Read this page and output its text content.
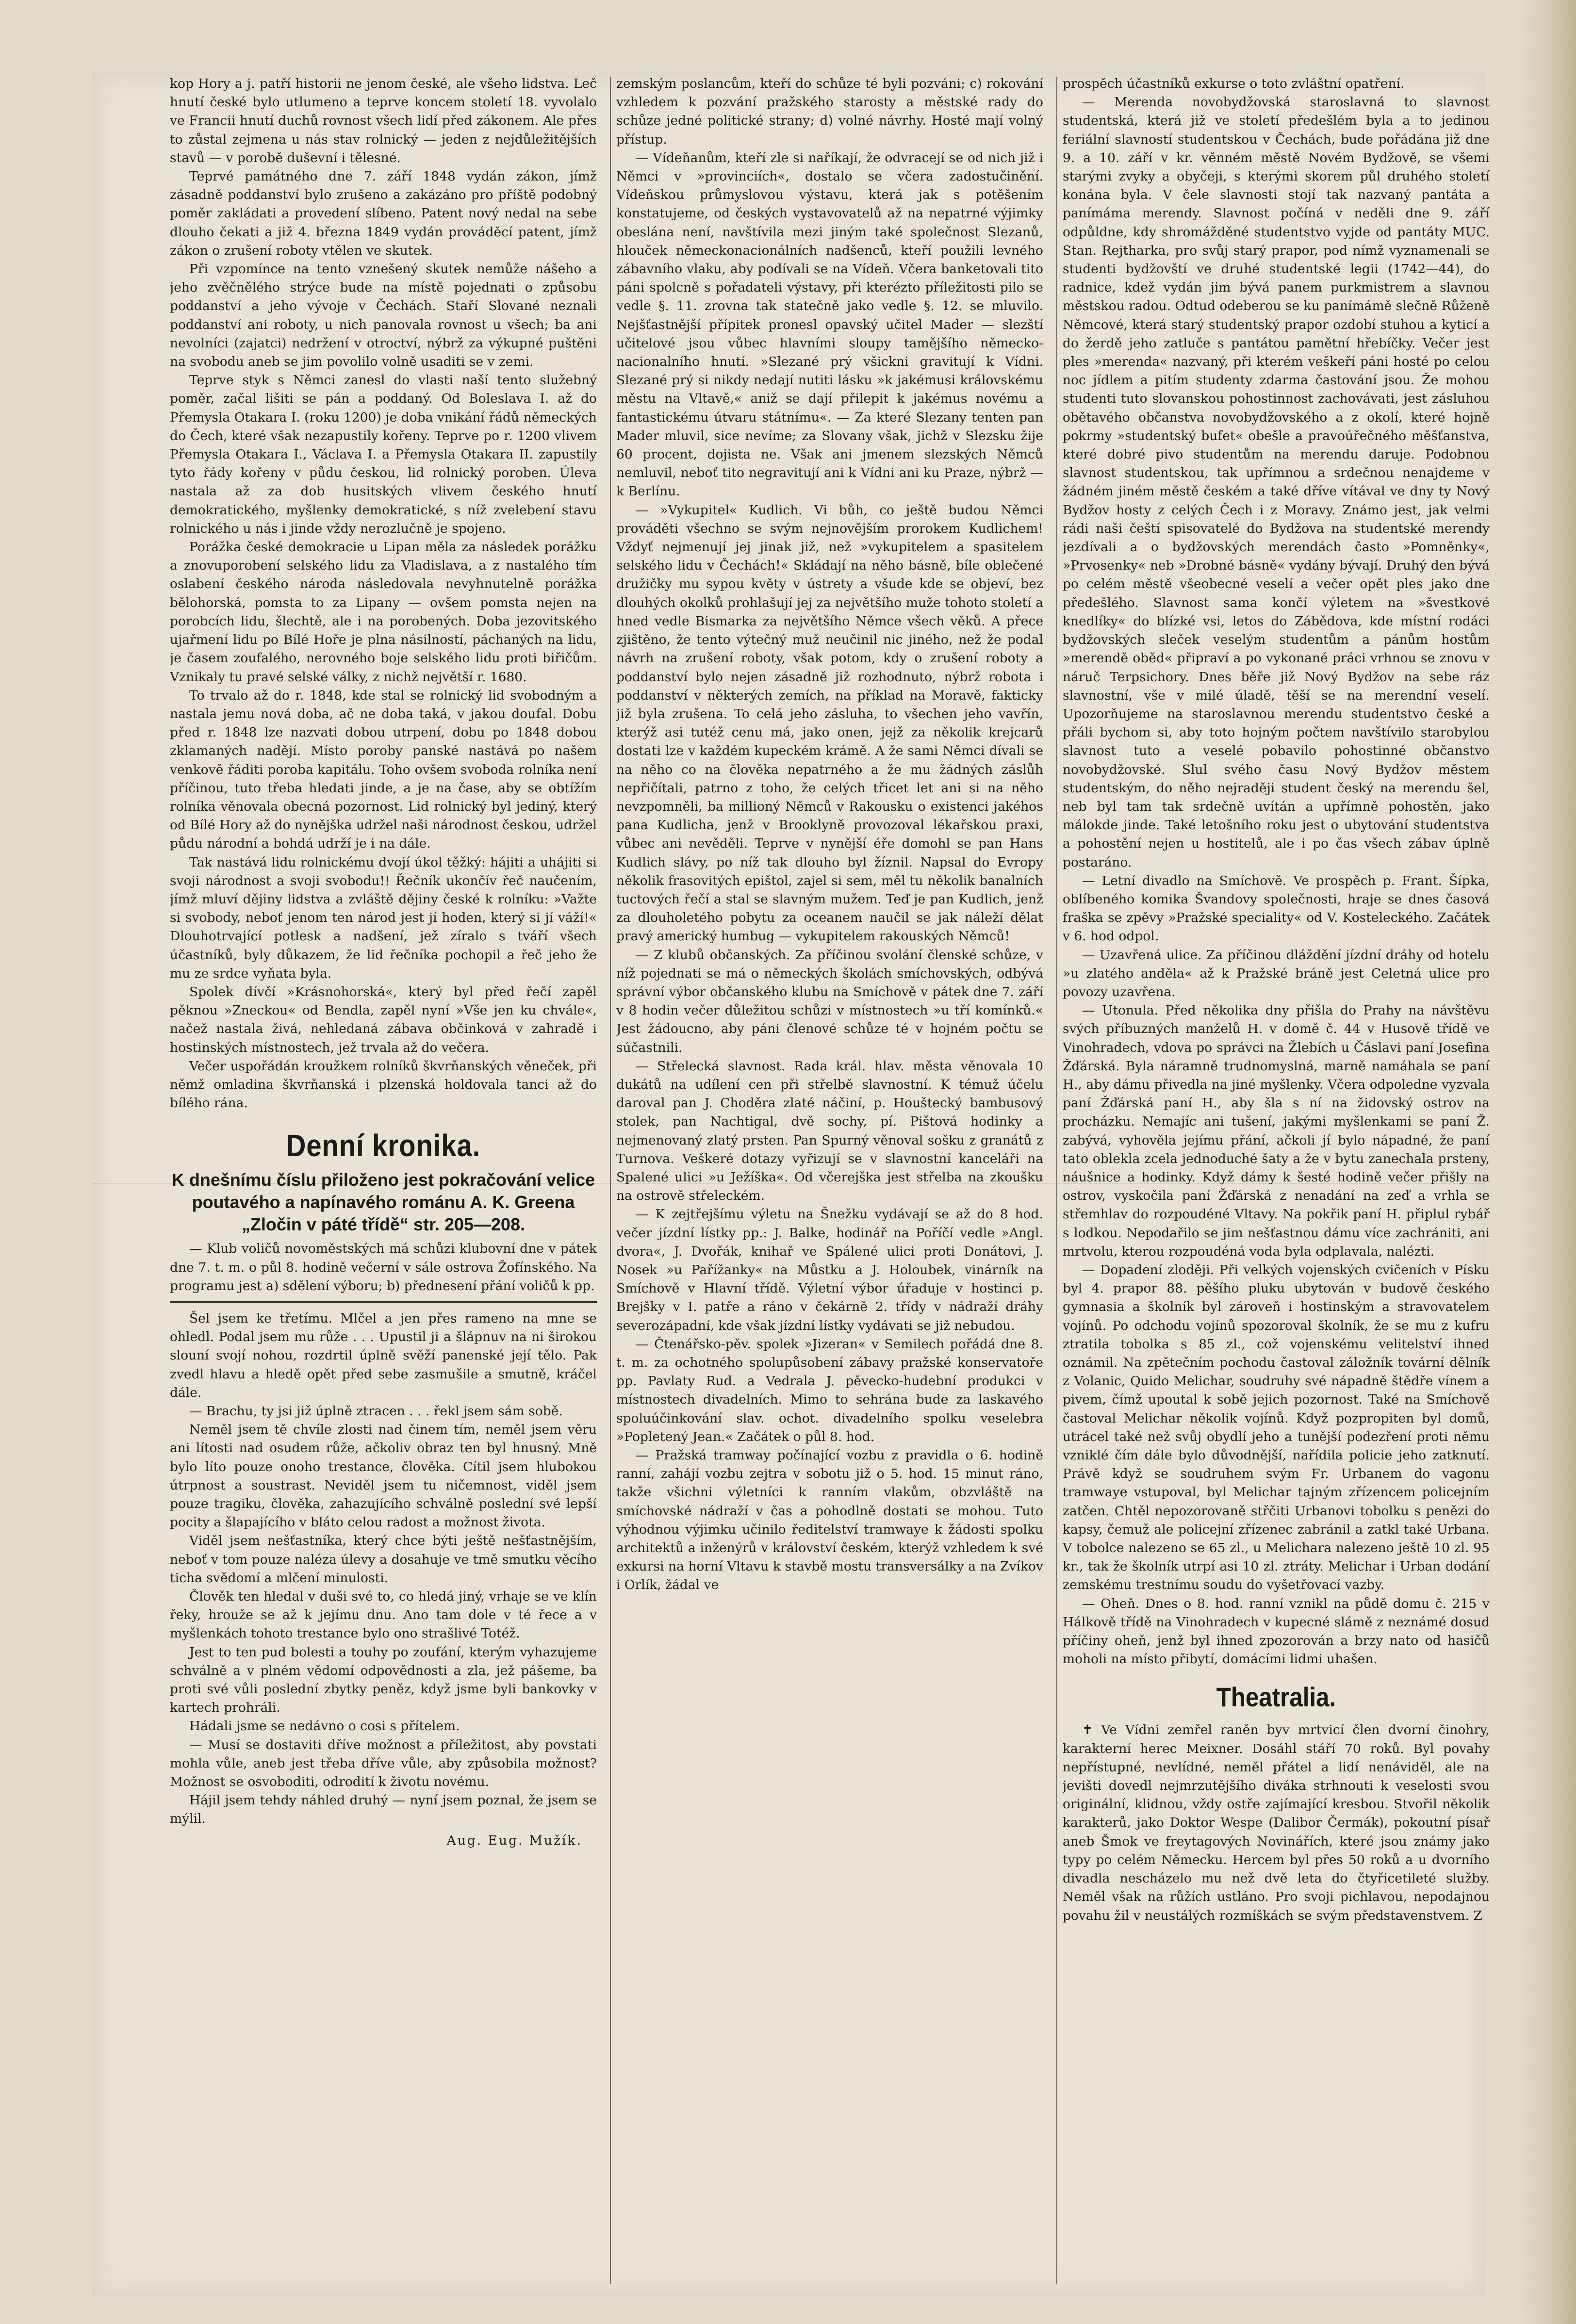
kop Hory a j. patří historii ne jenom české, ale všeho lidstva. Leč hnutí české bylo utlumeno a teprve koncem století 18. vyvolalo ve Francii hnutí duchů rovnost všech lidí před zákonem. Ale přes to zůstal zejmena u nás stav rolnický — jeden z nejdůležitějších stavů — v porobě duševní i tělesné.

Teprvé památného dne 7. září 1848 vydán zákon, jímž zásadně poddanství bylo zrušeno a zakázáno pro příště podobný poměr zakládati a provedení slíbeno. Patent nový nedal na sebe dlouho čekati a již 4. března 1849 vydán prováděcí patent, jímž zákon o zrušení roboty vtělen ve skutek.

Při vzpomínce na tento vznešený skutek nemůže nášeho a jeho zvěčnělého strýce bude na místě pojednati o způsobu poddanství a jeho vývoje v Čechách. Staří Slované neznali poddanství ani roboty, u nich panovala rovnost u všech; ba ani nevolníci (zajatci) nedržení v otroctví, nýbrž za výkupné puštěni na svobodu aneb se jim povolilo volně usaditi se v zemi.

Teprve styk s Němci zanesl do vlasti naší tento služebný poměr, začal lišiti se pán a poddaný. Od Boleslava I. až do Přemysla Otakara I. (roku 1200) je doba vnikání řádů německých do Čech, které však nezapustily kořeny. Teprve po r. 1200 vlivem Přemysla Otakara I., Václava I. a Přemysla Otakara II. zapustily tyto řády kořeny v půdu českou, lid rolnický poroben. Úleva nastala až za dob husitských vlivem českého hnutí demokratického, myšlenky demokratické, s níž zvelebení stavu rolnického u nás i jinde vždy nerozlučně je spojeno.

Porážka české demokracie u Lipan měla za následek porážku a znovuporobení selského lidu za Vladislava, a z nastalého tím oslabení českého národa následovala nevyhnutelně porážka bělohorská, pomsta to za Lipany — ovšem pomsta nejen na porobcích lidu, šlechtě, ale i na porobených. Doba jezovitského ujařmení lidu po Bílé Hoře je plna násilností, páchaných na lidu, je časem zoufalého, nerovného boje selského lidu proti biřičům. Vznikaly tu pravé selské války, z nichž největší r. 1680.

To trvalo až do r. 1848, kde stal se rolnický lid svobodným a nastala jemu nová doba, ač ne doba taká, v jakou doufal. Dobu před r. 1848 lze nazvati dobou utrpení, dobu po 1848 dobou zklamaných nadějí. Místo poroby panské nastává po našem venkově řáditi poroba kapitálu. Toho ovšem svoboda rolníka není příčinou, tuto třeba hledati jinde, a je na čase, aby se obtížím rolníka věnovala obecná pozornost. Lid rolnický byl jediný, který od Bílé Hory až do nynějška udržel naši národnost českou, udržel půdu národní a bohdá udrží je i na dále.

Tak nastává lidu rolnickému dvojí úkol těžký: hájiti a uhájiti si svoji národnost a svoji svobodu!! Řečník ukončív řeč naučením, jímž mluví dějiny lidstva a zvláště dějiny české k rolníku: »Važte si svobody, neboť jenom ten národ jest jí hoden, který si jí váží!« Dlouhotrvající potlesk a nadšení, jež zíralo s tváří všech účastníků, byly důkazem, že lid řečníka pochopil a řeč jeho že mu ze srdce vyňata byla.

Spolek dívčí »Krásnohorská«, který byl před řečí zapěl pěknou »Zneckou« od Bendla, zapěl nyní »Vše jen ku chvále«, načež nastala živá, nehledaná zábava občinková v zahradě i hostinských místnostech, jež trvala až do večera.

Večer uspořádán kroužkem rolníků škvrňanských věneček, při němž omladina škvrňanská i plzenská holdovala tanci až do bílého rána.

Denní kronika.
K dnešnímu číslu přiloženo jest pokračování velice poutavého a napínavého románu A. K. Greena „Zločin v páté třídě“ str. 205—208.

— Klub voličů novoměstských má schůzi klubovní dne v pátek dne 7. t. m. o půl 8. hodině večerní v sále ostrova Žofínského. Na programu jest a) sdělení výboru; b) přednesení přání voličů k pp.

Šel jsem ke třetímu. Mlčel a jen přes rameno na mne se ohledl. Podal jsem mu růže . . . Upustil ji a šlápnuv na ni širokou slouní svojí nohou, rozdrtil úplně svěží panenské její tělo. Pak zvedl hlavu a hledě opět před sebe zasmušile a smutně, kráčel dále.

— Brachu, ty jsi již úplně ztracen . . . řekl jsem sám sobě.

Neměl jsem tě chvíle zlosti nad činem tím, neměl jsem věru ani lítosti nad osudem růže, ačkoliv obraz ten byl hnusný. Mně bylo líto pouze onoho trestance, člověka. Cítil jsem hlubokou útrpnost a soustrast. Neviděl jsem tu ničemnost, viděl jsem pouze tragiku, člověka, zahazujícího schválně poslední své lepší pocity a šlapajícího v bláto celou radost a možnost života.

Viděl jsem nešťastníka, který chce býti ještě nešťastnějším, neboť v tom pouze naléza úlevy a dosahuje ve tmě smutku věcího ticha svědomí a mlčení minulosti.

Člověk ten hledal v duši své to, co hledá jiný, vrhaje se ve klín řeky, hrouže se až k jejímu dnu. Ano tam dole v té řece a v myšlenkách tohoto trestance bylo ono strašlivé Totéž.

Jest to ten pud bolesti a touhy po zoufání, kterým vyhazujeme schválně a v plném vědomí odpovědnosti a zla, jež pášeme, ba proti své vůli poslední zbytky peněz, když jsme byli bankovky v kartech prohráli.

Hádali jsme se nedávno o cosi s přítelem.

— Musí se dostaviti dříve možnost a příležitost, aby povstati mohla vůle, aneb jest třeba dříve vůle, aby způsobila možnost? Možnost se osvoboditi, odrodití k životu novému.

Hájil jsem tehdy náhled druhý — nyní jsem poznal, že jsem se mýlil.

Aug. Eug. Mužík.

zemským poslancům, kteří do schůze té byli pozváni; c) rokování vzhledem k pozvání pražského starosty a městské rady do schůze jedné politické strany; d) volné návrhy. Hosté mají volný přístup.

— Vídeňanům, kteří zle si naříkají, že odvracejí se od nich již i Němci v »provinciích«, dostalo se včera zadostučinění. Vídeňskou průmyslovou výstavu, která jak s potěšením konstatujeme, od českých vystavovatelů až na nepatrné výjimky obeslána není, navštívila mezi jiným také společnost Slezanů, hlouček německonacionálních nadšenců, kteří použili levného zábavního vlaku, aby podívali se na Vídeň. Včera banketovali tito páni spolcně s pořadateli výstavy, při kterézto příležitosti pilo se vedle §. 11. zrovna tak statečně jako vedle §. 12. se mluvilo. Nejšťastnější přípitek pronesl opavský učitel Mader — slezští učitelové jsou vůbec hlavními sloupy tamějšího německo-nacionalního hnutí. »Slezané prý všickni gravitují k Vídni. Slezané prý si nikdy nedají nutiti lásku »k jakémusi královskému městu na Vltavě,« aniž se dají přilepit k jakémus novému a fantastickému útvaru státnímu«. — Za které Slezany tenten pan Mader mluvil, sice nevíme; za Slovany však, jichž v Slezsku žije 60 procent, dojista ne. Však ani jmenem slezských Němců nemluvil, neboť tito negravitují ani k Vídni ani ku Praze, nýbrž — k Berlínu.

— »Vykupitel« Kudlich. Vi bůh, co ještě budou Němci prováděti všechno se svým nejnovějším prorokem Kudlichem! Vždyť nejmenují jej jinak již, než »vykupitelem a spasitelem selského lidu v Čechách!« Skládají na něho básně, bíle oblečené družičky mu sypou květy v ústrety a všude kde se objeví, bez dlouhých okolků prohlašují jej za největšího muže tohoto století a hned vedle Bismarka za největšího Němce všech věků. A přece zjištěno, že tento výtečný muž neučinil nic jiného, než že podal návrh na zrušení roboty, však potom, kdy o zrušení roboty a poddanství bylo nejen zásadně již rozhodnuto, nýbrž robota i poddanství v některých zemích, na příklad na Moravě, fakticky již byla zrušena. To celá jeho zásluha, to všechen jeho vavřín, kterýž asi tutéž cenu má, jako onen, jejž za několik krejcarů dostati lze v každém kupeckém krámě. A že sami Němci dívali se na něho co na člověka nepatrného a že mu žádných záslůh nepřičítali, patrno z toho, že celých třicet let ani si na něho nevzpomněli, ba millioný Němců v Rakousku o existenci jakéhos pana Kudlicha, jenž v Brooklyně provozoval lékařskou praxi, vůbec ani nevěděli. Teprve v nynější éře domohl se pan Hans Kudlich slávy, po níž tak dlouho byl žíznil. Napsal do Evropy několik frasovitých epištol, zajel si sem, měl tu několik banalních tuctových řečí a stal se slavným mužem. Teď je pan Kudlich, jenž za dlouholetého pobytu za oceanem naučil se jak náleží dělat pravý americký humbug — vykupitelem rakouských Němců!

— Z klubů občanských. Za příčinou svolání členské schůze, v níž pojednati se má o německých školách smíchovských, odbývá správní výbor občanského klubu na Smíchově v pátek dne 7. září v 8 hodin večer důležitou schůzi v místnostech »u tří komínků.« Jest žádoucno, aby páni členové schůze té v hojném počtu se súčastnili.

— Střelecká slavnost. Rada král. hlav. města věnovala 10 dukátů na udílení cen při střelbě slavnostní. K témuž účelu daroval pan J. Choděra zlaté náčiní, p. Houštecký bambusový stolek, pan Nachtigal, dvě sochy, pí. Pištová hodinky a nejmenovaný zlatý prsten. Pan Spurný věnoval sošku z granátů z Turnova. Veškeré dotazy vyřizují se v slavnostní kanceláři na Spalené ulici »u Ježíška«. Od včerejška jest střelba na zkoušku na ostrově střeleckém.

— K zejtřejšímu výletu na Šnežku vydávají se až do 8 hod. večer jízdní lístky pp.: J. Balke, hodinář na Poříčí vedle »Angl. dvora«, J. Dvořák, knihař ve Spálené ulici proti Donátovi, J. Nosek »u Pařížanky« na Můstku a J. Holoubek, vinárník na Smíchově v Hlavní třídě. Výletní výbor úřaduje v hostinci p. Brejšky v I. patře a ráno v čekárně 2. třídy v nádraží dráhy severozápadní, kde však jízdní lístky vydávati se již nebudou.

— Čtenářsko-pěv. spolek »Jizeran« v Semilech pořádá dne 8. t. m. za ochotného spolupůsobení zábavy pražské konservatoře pp. Pavlaty Rud. a Vedrala J. pěvecko-hudební produkci v místnostech divadelních. Mimo to sehrána bude za laskavého spoluúčinkování slav. ochot. divadelního spolku veselebra »Popletený Jean.« Začátek o půl 8. hod.

— Pražská tramway počínající vozbu z pravidla o 6. hodině ranní, zahájí vozbu zejtra v sobotu již o 5. hod. 15 minut ráno, takže všichni výletníci k ranním vlakům, obzvláště na smíchovské nádraží v čas a pohodlně dostati se mohou. Tuto výhodnou výjimku učinilo ředitelství tramwaye k žádosti spolku architektů a inženýrů v království českém, kterýž vzhledem k své exkursi na horní Vltavu k stavbě mostu transversálky a na Zvíkov i Orlík, žádal ve

prospěch účastníků exkurse o toto zvláštní opatření.

— Merenda novobydžovská staroslavná to slavnost studentská, která již ve století předešlém byla a to jedinou feriální slavností studentskou v Čechách, bude pořádána již dne 9. a 10. září v kr. věnném městě Novém Bydžově, se všemi starými zvyky a obyčeji, s kterými skorem půl druhého století konána byla. V čele slavnosti stojí tak nazvaný pantáta a panímáma merendy. Slavnost počíná v neděli dne 9. září odpůldne, kdy shromážděné studentstvo vyjde od pantáty MUC. Stan. Rejtharka, pro svůj starý prapor, pod nímž vyznamenali se studenti bydžovští ve druhé studentské legii (1742—44), do radnice, kdež vydán jim bývá panem purkmistrem a slavnou městskou radou. Odtud odeberou se ku panímámě slečně Růženě Němcové, která starý studentský prapor ozdobí stuhou a kyticí a do žerdě jeho zatluče s pantátou pamětní hřebíčky. Večer jest ples »merenda« nazvaný, při kterém veškeří páni hosté po celou noc jídlem a pitím studenty zdarma častování jsou. Že mohou studenti tuto slovanskou pohostinnost zachovávati, jest zásluhou obětavého občanstva novobydžovského a z okolí, které hojně pokrmy »studentský bufet« obešle a pravoúřečného měšťanstva, které dobré pivo studentům na merendu daruje. Podobnou slavnost studentskou, tak upřímnou a srdečnou nenajdeme v žádném jiném městě českém a také dříve vítával ve dny ty Nový Bydžov hosty z celých Čech i z Moravy. Známo jest, jak velmi rádi naši čeští spisovatelé do Bydžova na studentské merendy jezdívali a o bydžovských merendách často »Pomněnky«, »Prvosenky« neb »Drobné básně« vydány bývají. Druhý den bývá po celém městě všeobecné veselí a večer opět ples jako dne předešlého. Slavnost sama končí výletem na »švestkové knedlíky« do blízké vsi, letos do Zábědova, kde místní rodáci bydžovských sleček veselým studentům a pánům hostům »merendě oběd« připraví a po vykonané práci vrhnou se znovu v náruč Terpsichory. Dnes běře již Nový Bydžov na sebe ráz slavnostní, vše v milé úladě, těší se na merendní veselí. Upozorňujeme na staroslavnou merendu studentstvo české a přáli bychom si, aby toto hojným počtem navštívilo starobylou slavnost tuto a veselé pobavilo pohostinné občanstvo novobydžovské. Slul svého času Nový Bydžov městem studentským, do něho nejraději student český na merendu šel, neb byl tam tak srdečně uvítán a upřímně pohostěn, jako málokde jinde. Také letošního roku jest o ubytování studentstva a pohostění nejen u hostitelů, ale i po čas všech zábav úplně postaráno.

— Letní divadlo na Smíchově. Ve prospěch p. Frant. Šípka, oblíbeného komika Švandovy společnosti, hraje se dnes časová fraška se zpěvy »Pražské speciality« od V. Kosteleckého. Začátek v 6. hod odpol.

— Uzavřená ulice. Za příčinou dláždění jízdní dráhy od hotelu »u zlatého anděla« až k Pražské bráně jest Celetná ulice pro povozy uzavřena.

— Utonula. Před několika dny přišla do Prahy na návštěvu svých příbuzných manželů H. v domě č. 44 v Husově třídě ve Vinohradech, vdova po správci na Žlebích u Čáslavi paní Josefina Žďárská. Byla náramně trudnomyslná, marně namáhala se paní H., aby dámu přivedla na jiné myšlenky. Včera odpoledne vyzvala paní Žďárská paní H., aby šla s ní na židovský ostrov na procházku. Nemajíc ani tušení, jakými myšlenkami se paní Ž. zabývá, vyhověla jejímu přání, ačkoli jí bylo nápadné, že paní tato oblekla zcela jednoduché šaty a že v bytu zanechala prsteny, náušnice a hodinky. Když dámy k šesté hodině večer přišly na ostrov, vyskočila paní Žďárská z nenadání na zeď a vrhla se střemhlav do rozpoudéné Vltavy. Na pokřik paní H. připlul rybář s lodkou. Nepodařilo se jim nešťastnou dámu více zachrániti, ani mrtvolu, kterou rozpoudéná voda byla odplavala, nalézti.

— Dopadení zloději. Při velkých vojenských cvičeních v Písku byl 4. prapor 88. pěšího pluku ubytován v budově českého gymnasia a školník byl zároveň i hostinským a stravovatelem vojínů. Po odchodu vojínů spozoroval školník, že se mu z kufru ztratila tobolka s 85 zl., což vojenskému velitelství ihned oznámil. Na zpětečním pochodu častoval záložník tovární dělník z Volanic, Quido Melichar, soudruhy své nápadně štědře vínem a pivem, čímž upoutal k sobě jejich pozornost. Také na Smíchově častoval Melichar několik vojínů. Když pozpropiten byl domů, utrácel také než svůj obydlí jeho a tunější podezření proti němu vzniklé čím dále bylo důvodnější, nařídila policie jeho zatknutí. Právě když se soudruhem svým Fr. Urbanem do vagonu tramwaye vstupoval, byl Melichar tajným zřízencem policejním zatčen. Chtěl nepozorovaně střčiti Urbanovi tobolku s penězi do kapsy, čemuž ale policejní zřízenec zabránil a zatkl také Urbana. V tobolce nalezeno se 65 zl., u Melichara nalezeno ještě 10 zl. 95 kr., tak že školník utrpí asi 10 zl. ztráty. Melichar i Urban dodání zemskému trestnímu soudu do vyšetřovací vazby.

— Oheň. Dnes o 8. hod. ranní vznikl na půdě domu č. 215 v Hálkově třídě na Vinohradech v kupecné slámě z neznámé dosud příčiny oheň, jenž byl ihned zpozorován a brzy nato od hasičů moholi na místo přibytí, domácími lidmi uhašen.

Theatralia.

✝ Ve Vídni zemřel raněn byv mrtvicí člen dvorní činohry, karakterní herec Meixner. Dosáhl stáří 70 roků. Byl povahy nepřístupné, nevlídné, neměl přátel a lidí nenáviděl, ale na jevišti dovedl nejmrzutějšího diváka strhnouti k veselosti svou originální, klidnou, vždy ostře zajímající kresbou. Stvořil několik karakterů, jako Doktor Wespe (Dalibor Čermák), pokoutní písař aneb Šmok ve freytagových Novinářích, které jsou známy jako typy po celém Německu. Hercem byl přes 50 roků a u dvorního divadla nescházelo mu než dvě leta do čtyřicetileté služby. Neměl však na růžích ustláno. Pro svoji pichlavou, nepodajnou povahu žil v neustálých rozmíškách se svým představenstvem. Z
